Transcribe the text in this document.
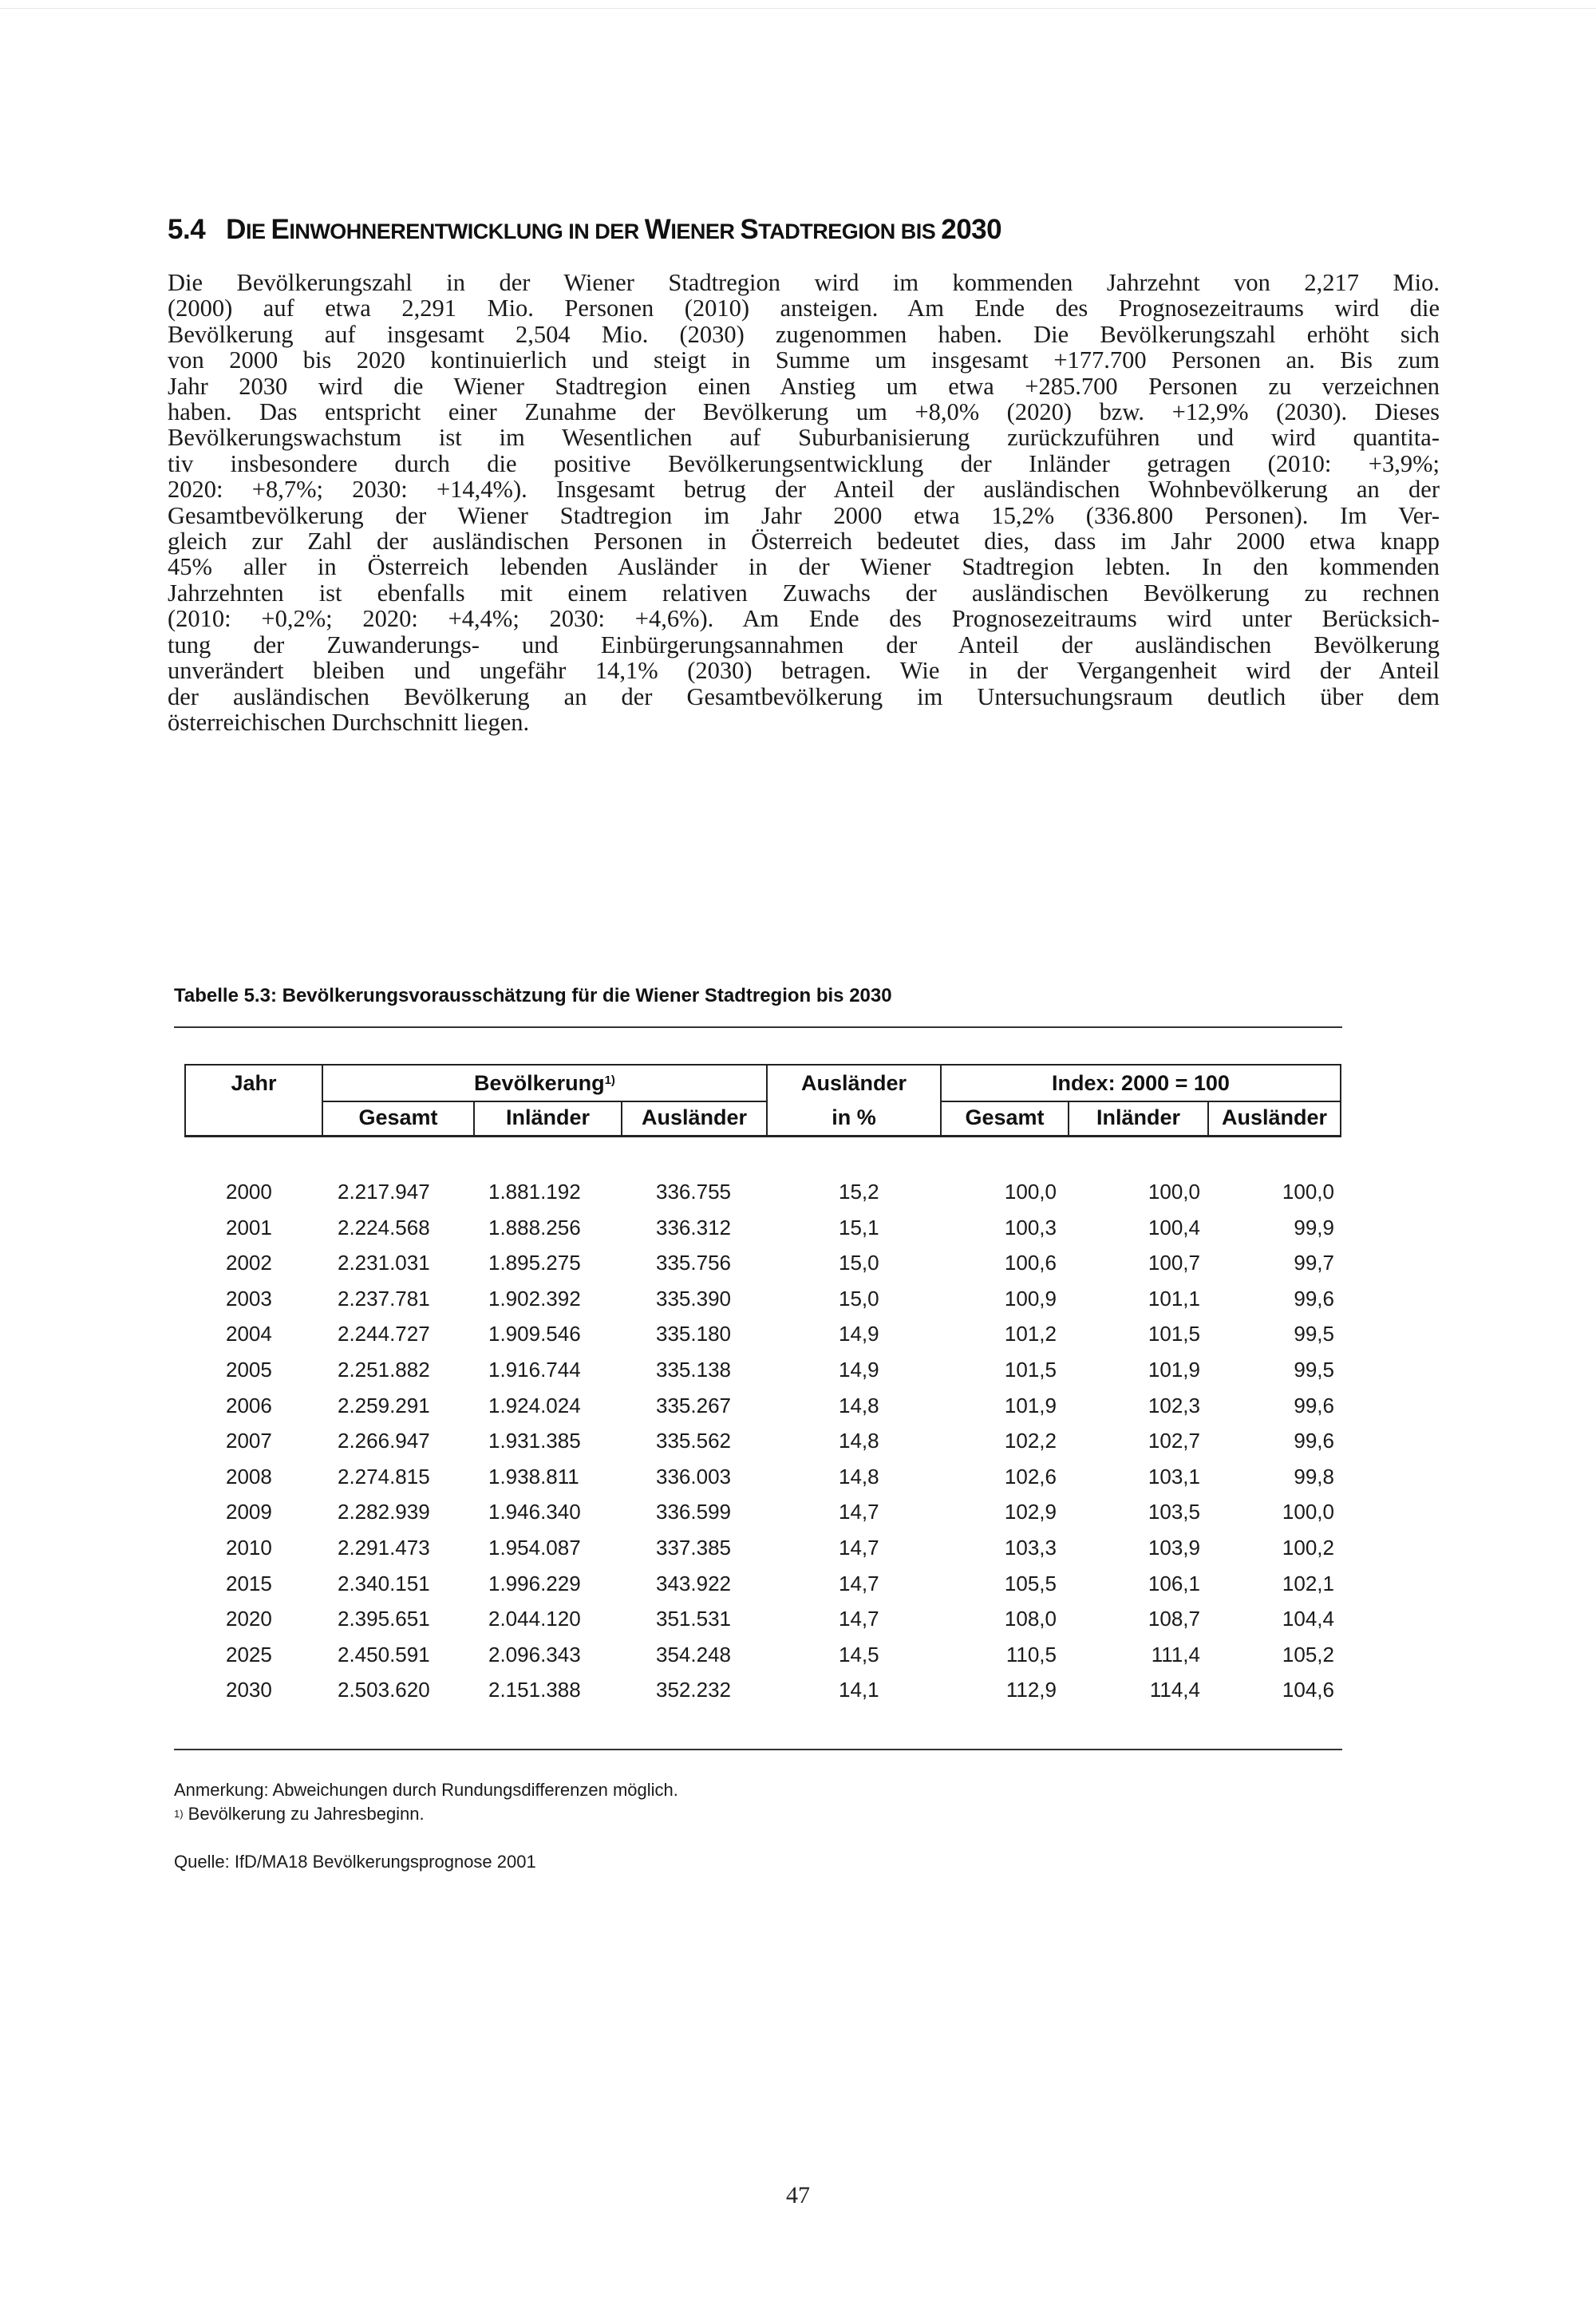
5.4 DIE EINWOHNERENTWICKLUNG IN DER WIENER STADTREGION BIS 2030
Die Bevölkerungszahl in der Wiener Stadtregion wird im kommenden Jahrzehnt von 2,217 Mio.
(2000) auf etwa 2,291 Mio. Personen (2010) ansteigen. Am Ende des Prognosezeitraums wird die
Bevölkerung auf insgesamt 2,504 Mio. (2030) zugenommen haben. Die Bevölkerungszahl erhöht sich
von 2000 bis 2020 kontinuierlich und steigt in Summe um insgesamt +177.700 Personen an. Bis zum
Jahr 2030 wird die Wiener Stadtregion einen Anstieg um etwa +285.700 Personen zu verzeichnen
haben. Das entspricht einer Zunahme der Bevölkerung um +8,0% (2020) bzw. +12,9% (2030). Dieses
Bevölkerungswachstum ist im Wesentlichen auf Suburbanisierung zurückzuführen und wird quantita-
tiv insbesondere durch die positive Bevölkerungsentwicklung der Inländer getragen (2010: +3,9%;
2020: +8,7%; 2030: +14,4%). Insgesamt betrug der Anteil der ausländischen Wohnbevölkerung an der
Gesamtbevölkerung der Wiener Stadtregion im Jahr 2000 etwa 15,2% (336.800 Personen). Im Ver-
gleich zur Zahl der ausländischen Personen in Österreich bedeutet dies, dass im Jahr 2000 etwa knapp
45% aller in Österreich lebenden Ausländer in der Wiener Stadtregion lebten. In den kommenden
Jahrzehnten ist ebenfalls mit einem relativen Zuwachs der ausländischen Bevölkerung zu rechnen
(2010: +0,2%; 2020: +4,4%; 2030: +4,6%). Am Ende des Prognosezeitraums wird unter Berücksich-
tung der Zuwanderungs- und Einbürgerungsannahmen der Anteil der ausländischen Bevölkerung
unverändert bleiben und ungefähr 14,1% (2030) betragen. Wie in der Vergangenheit wird der Anteil
der ausländischen Bevölkerung an der Gesamtbevölkerung im Untersuchungsraum deutlich über dem
österreichischen Durchschnitt liegen.
Tabelle 5.3: Bevölkerungsvorausschätzung für die Wiener Stadtregion bis 2030
Jahr	Bevölkerung$^{1)}$	Ausländer
in %
Index: 2000 = 100
Gesamt	Inländer	Ausländer	Gesamt	Inländer	Ausländer
2000	2.217.947	1.881.192	336.755	15,2	100,0	100,0	100,0
2001	2.224.568	1.888.256	336.312	15,1	100,3	100,4	99,9
2002	2.231.031	1.895.275	335.756	15,0	100,6	100,7	99,7
2003	2.237.781	1.902.392	335.390	15,0	100,9	101,1	99,6
2004	2.244.727	1.909.546	335.180	14,9	101,2	101,5	99,5
2005	2.251.882	1.916.744	335.138	14,9	101,5	101,9	99,5
2006	2.259.291	1.924.024	335.267	14,8	101,9	102,3	99,6
2007	2.266.947	1.931.385	335.562	14,8	102,2	102,7	99,6
2008	2.274.815	1.938.811	336.003	14,8	102,6	103,1	99,8
2009	2.282.939	1.946.340	336.599	14,7	102,9	103,5	100,0
2010	2.291.473	1.954.087	337.385	14,7	103,3	103,9	100,2
2015	2.340.151	1.996.229	343.922	14,7	105,5	106,1	102,1
2020	2.395.651	2.044.120	351.531	14,7	108,0	108,7	104,4
2025	2.450.591	2.096.343	354.248	14,5	110,5	111,4	105,2
2030	2.503.620	2.151.388	352.232	14,1	112,9	114,4	104,6
Anmerkung: Abweichungen durch Rundungsdifferenzen möglich.
$^{1)}$ Bevölkerung zu Jahresbeginn.
Quelle: IfD/MA18 Bevölkerungsprognose 2001
47
